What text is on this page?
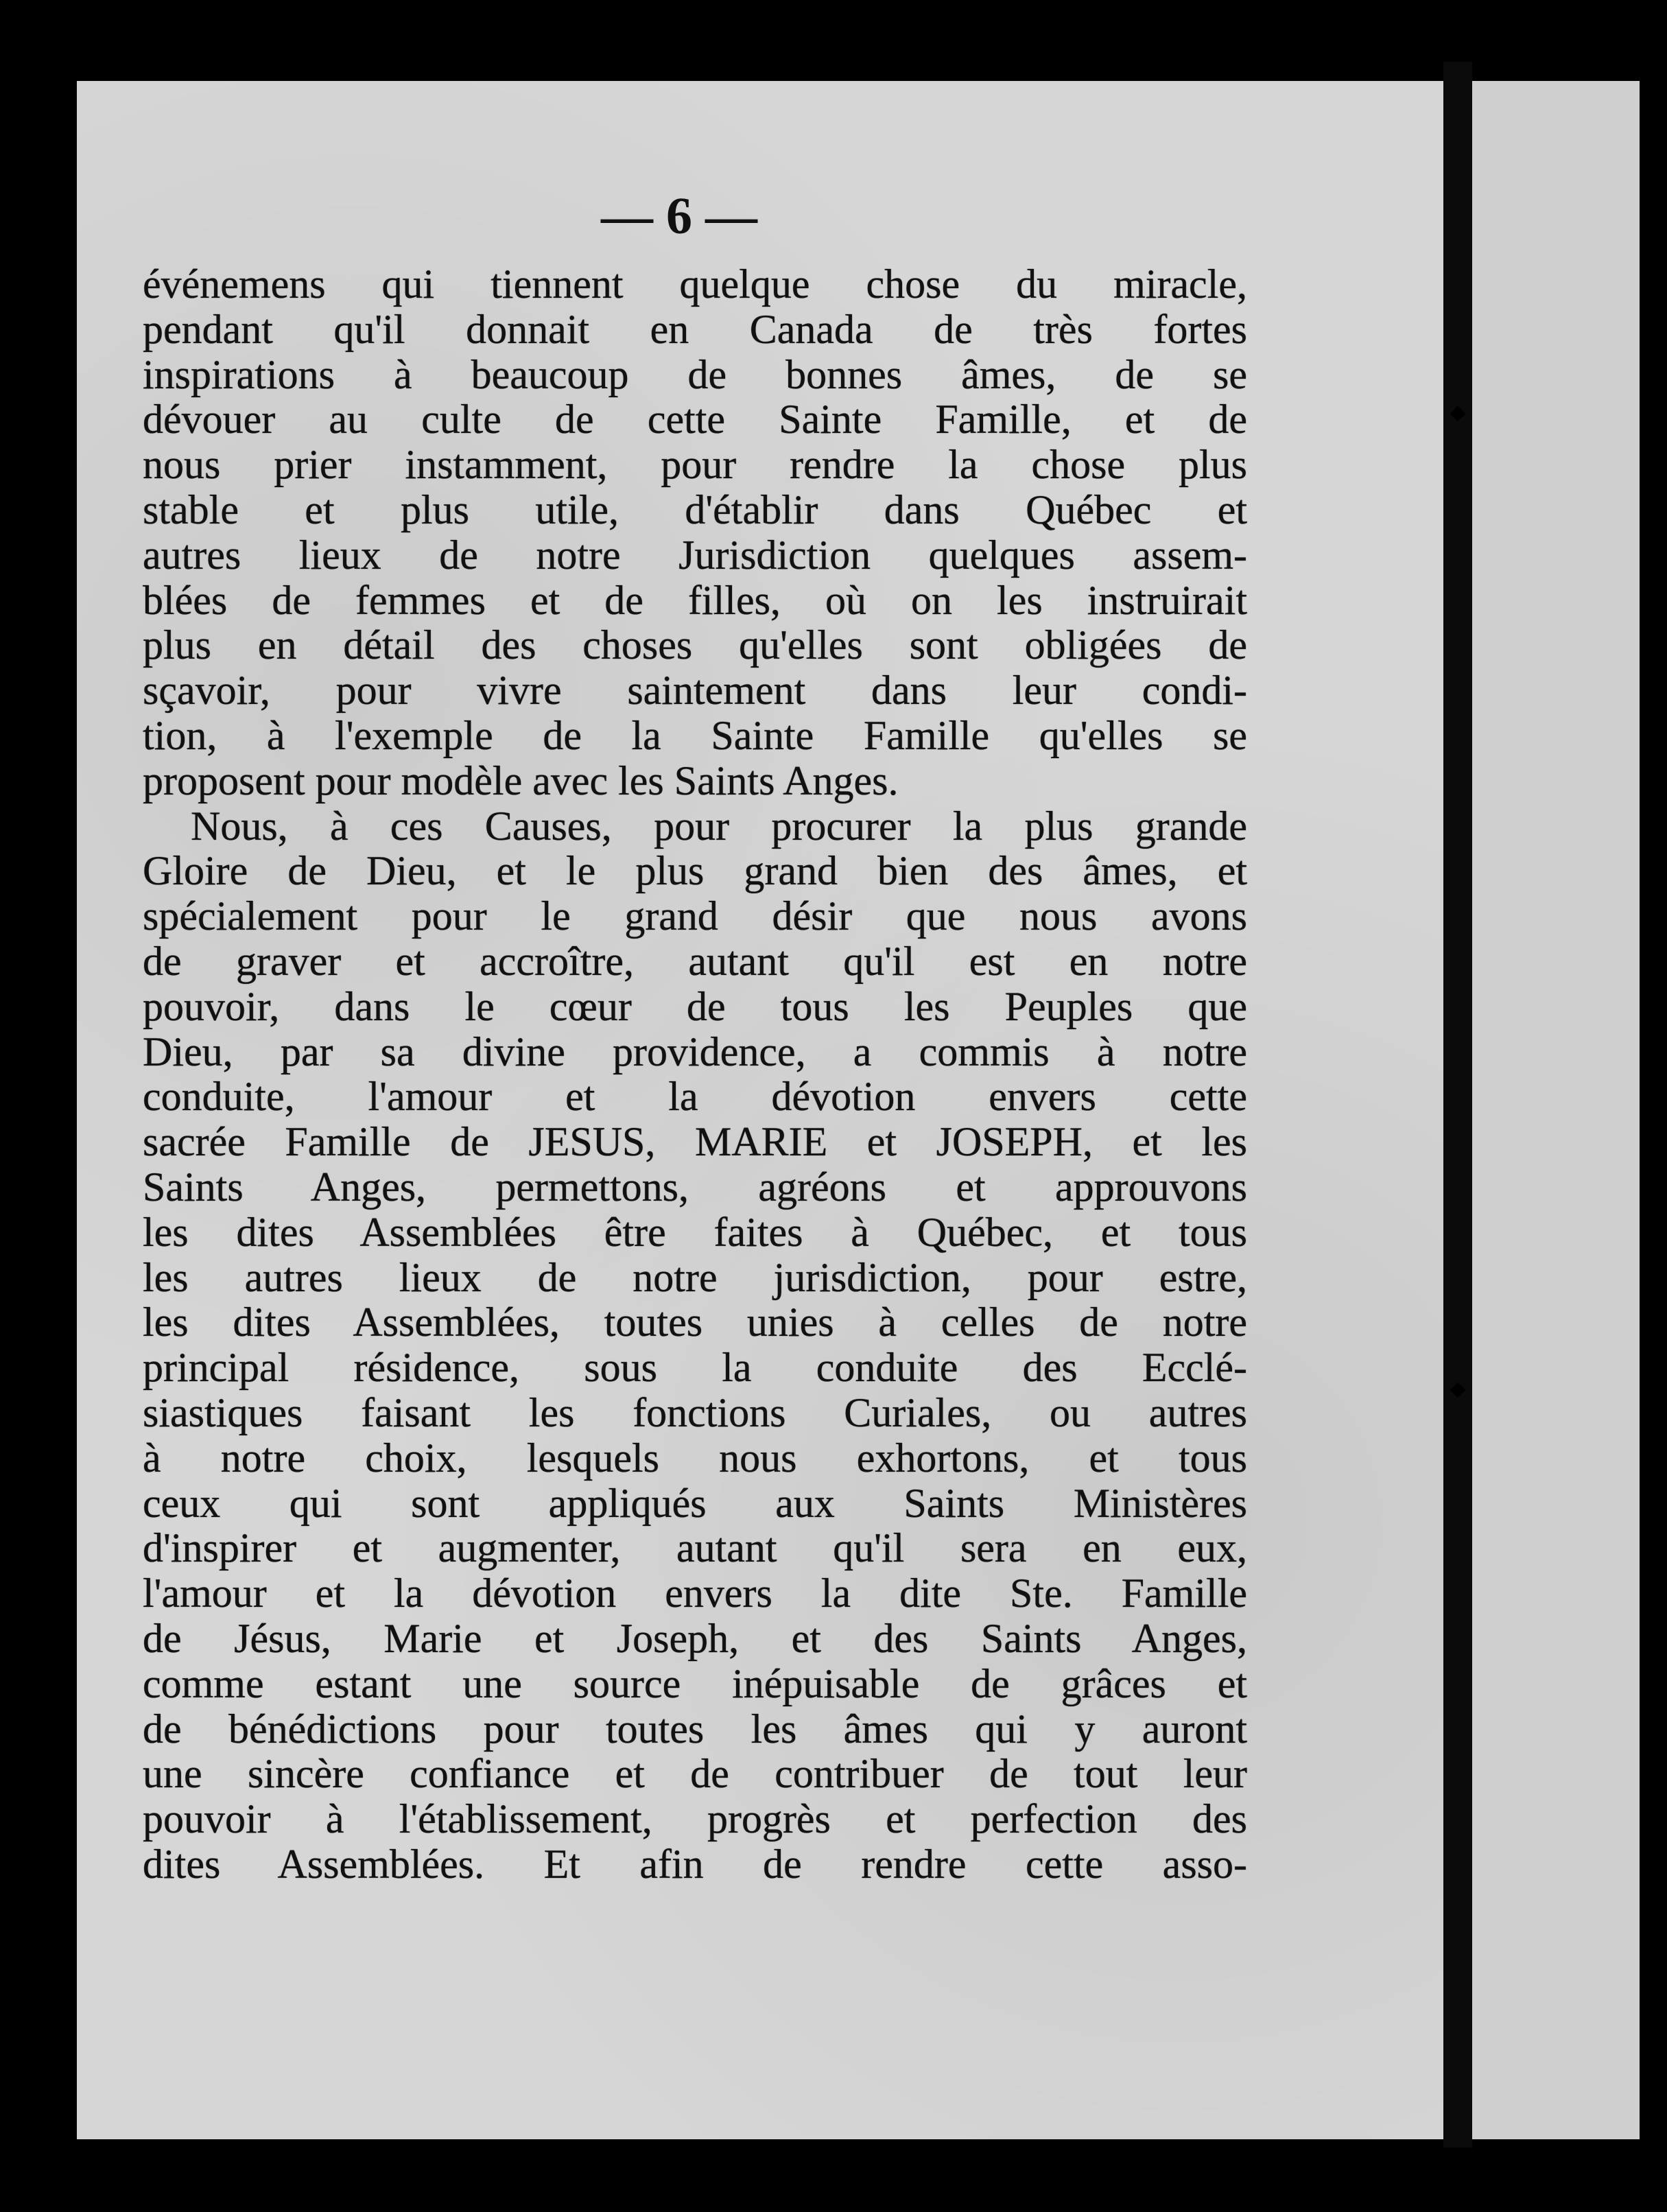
— 6 —
événemens qui tiennent quelque chose du miracle,
pendant qu'il donnait en Canada de très fortes
inspirations à beaucoup de bonnes âmes, de se
dévouer au culte de cette Sainte Famille, et de
nous prier instamment, pour rendre la chose plus
stable et plus utile, d'établir dans Québec et
autres lieux de notre Jurisdiction quelques assem-
blées de femmes et de filles, où on les instruirait
plus en détail des choses qu'elles sont obligées de
sçavoir, pour vivre saintement dans leur condi-
tion, à l'exemple de la Sainte Famille qu'elles se
proposent pour modèle avec les Saints Anges.
Nous, à ces Causes, pour procurer la plus grande
Gloire de Dieu, et le plus grand bien des âmes, et
spécialement pour le grand désir que nous avons
de graver et accroître, autant qu'il est en notre
pouvoir, dans le cœur de tous les Peuples que
Dieu, par sa divine providence, a commis à notre
conduite, l'amour et la dévotion envers cette
sacrée Famille de JESUS, MARIE et JOSEPH, et les
Saints Anges, permettons, agréons et approuvons
les dites Assemblées être faites à Québec, et tous
les autres lieux de notre jurisdiction, pour estre,
les dites Assemblées, toutes unies à celles de notre
principal résidence, sous la conduite des Ecclé-
siastiques faisant les fonctions Curiales, ou autres
à notre choix, lesquels nous exhortons, et tous
ceux qui sont appliqués aux Saints Ministères
d'inspirer et augmenter, autant qu'il sera en eux,
l'amour et la dévotion envers la dite Ste. Famille
de Jésus, Marie et Joseph, et des Saints Anges,
comme estant une source inépuisable de grâces et
de bénédictions pour toutes les âmes qui y auront
une sincère confiance et de contribuer de tout leur
pouvoir à l'établissement, progrès et perfection des
dites Assemblées. Et afin de rendre cette asso-
